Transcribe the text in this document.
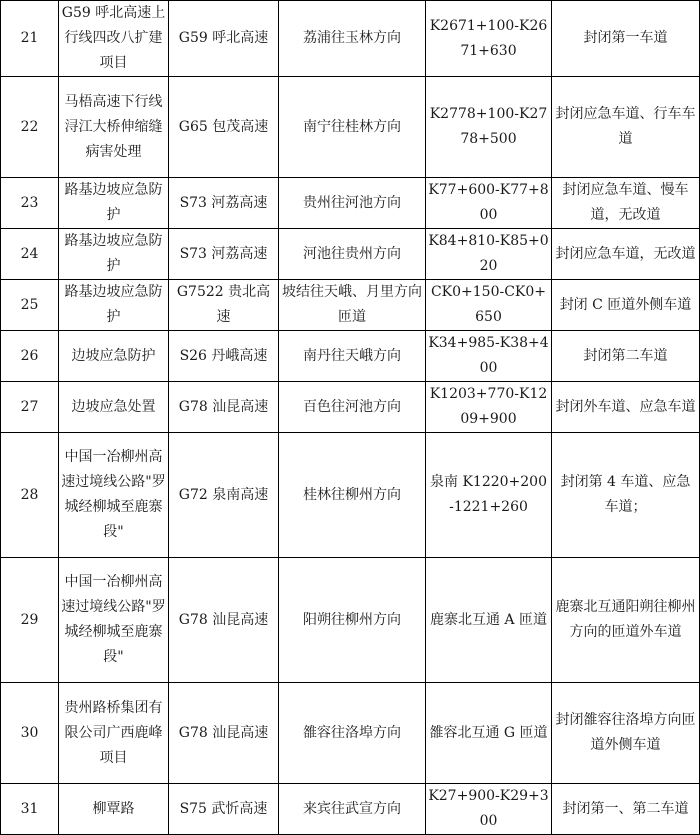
21	G59 呼北高速上行线四改八扩建项目	G59 呼北高速	荔浦往玉林方向	K2671+100-K2671+630	封闭第一车道
22	马梧高速下行线浔江大桥伸缩缝病害处理	G65 包茂高速	南宁往桂林方向	K2778+100-K2778+500	封闭应急车道、行车车道
23	路基边坡应急防护	S73 河荔高速	贵州往河池方向	K77+600-K77+800	封闭应急车道、慢车道，无改道
24	路基边坡应急防护	S73 河荔高速	河池往贵州方向	K84+810-K85+020	封闭应急车道，无改道
25	路基边坡应急防护	G7522 贵北高速	坡结往天峨、月里方向匝道	CK0+150-CK0+650	封闭 C 匝道外侧车道
26	边坡应急防护	S26 丹峨高速	南丹往天峨方向	K34+985-K38+400	封闭第二车道
27	边坡应急处置	G78 汕昆高速	百色往河池方向	K1203+770-K1209+900	封闭外车道、应急车道
28	中国一冶柳州高速过境线公路"罗城经柳城至鹿寨段"	G72 泉南高速	桂林往柳州方向	泉南 K1220+200-1221+260	封闭第 4 车道、应急车道；
29	中国一冶柳州高速过境线公路"罗城经柳城至鹿寨段"	G78 汕昆高速	阳朔往柳州方向	鹿寨北互通 A 匝道	鹿寨北互通阳朔往柳州方向的匝道外车道
30	贵州路桥集团有限公司广西鹿峰项目	G78 汕昆高速	雒容往洛埠方向	雒容北互通 G 匝道	封闭雒容往洛埠方向匝道外侧车道
31	柳覃路	S75 武忻高速	来宾往武宣方向	K27+900-K29+300	封闭第一、第二车道
